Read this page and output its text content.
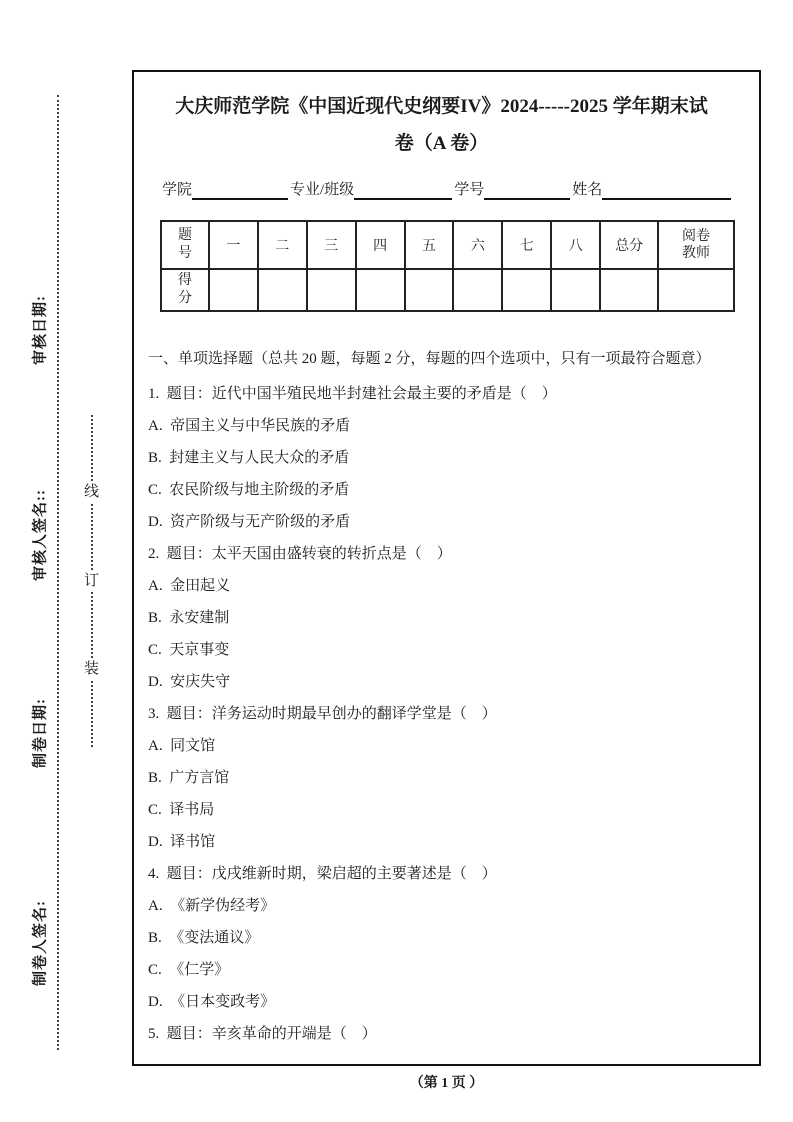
审核日期:
审核人签名::
制卷日期:
制卷人签名:
线
订
装
大庆师范学院《中国近现代史纲要IV》2024-----2025 学年期末试
卷（A 卷）
学院	专业/班级	学号	姓名
题号	一	二	三	四	五	六	七	八	总分	阅卷教师
得分										
一、单项选择题（总共 20 题，每题 2 分，每题的四个选项中，只有一项最符合题意）
1. 题目：近代中国半殖民地半封建社会最主要的矛盾是（　）
A. 帝国主义与中华民族的矛盾
B. 封建主义与人民大众的矛盾
C. 农民阶级与地主阶级的矛盾
D. 资产阶级与无产阶级的矛盾
2. 题目：太平天国由盛转衰的转折点是（　）
A. 金田起义
B. 永安建制
C. 天京事变
D. 安庆失守
3. 题目：洋务运动时期最早创办的翻译学堂是（　）
A. 同文馆
B. 广方言馆
C. 译书局
D. 译书馆
4. 题目：戊戌维新时期，梁启超的主要著述是（　）
A. 《新学伪经考》
B. 《变法通议》
C. 《仁学》
D. 《日本变政考》
5. 题目：辛亥革命的开端是（　）
（第 1 页 ）
